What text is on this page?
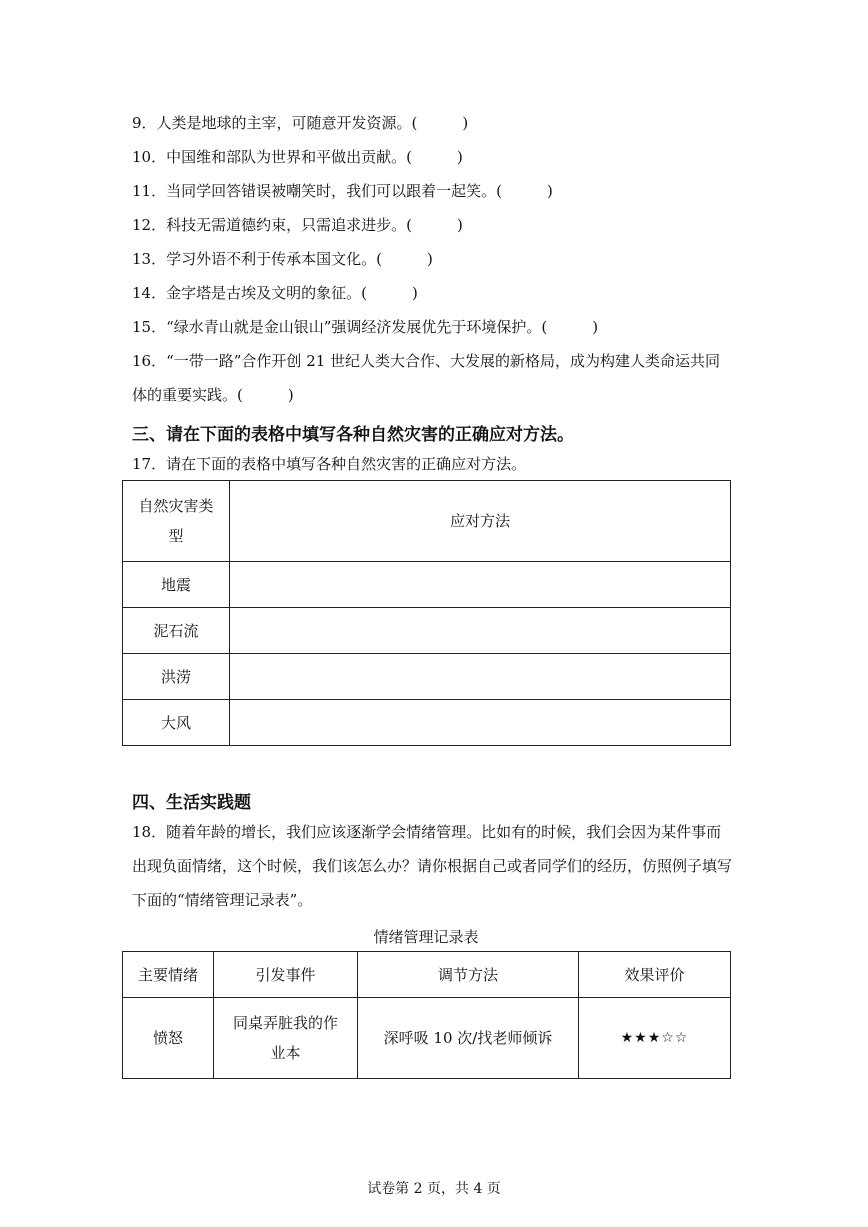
9．人类是地球的主宰，可随意开发资源。(　　　)
10．中国维和部队为世界和平做出贡献。(　　　)
11．当同学回答错误被嘲笑时，我们可以跟着一起笑。(　　　)
12．科技无需道德约束，只需追求进步。(　　　)
13．学习外语不利于传承本国文化。(　　　)
14．金字塔是古埃及文明的象征。(　　　)
15．“绿水青山就是金山银山”强调经济发展优先于环境保护。(　　　)
16．“一带一路”合作开创 21 世纪人类大合作、大发展的新格局，成为构建人类命运共同体的重要实践。(　　　)
三、请在下面的表格中填写各种自然灾害的正确应对方法。
17．请在下面的表格中填写各种自然灾害的正确应对方法。
自然灾害类型	应对方法
地震	
泥石流	
洪涝	
大风	
四、生活实践题
18．随着年龄的增长，我们应该逐渐学会情绪管理。比如有的时候，我们会因为某件事而出现负面情绪，这个时候，我们该怎么办？请你根据自己或者同学们的经历，仿照例子填写下面的“情绪管理记录表”。
情绪管理记录表
主要情绪	引发事件	调节方法	效果评价
愤怒	同桌弄脏我的作业本	深呼吸 10 次/找老师倾诉	★★★☆☆
试卷第 2 页，共 4 页
